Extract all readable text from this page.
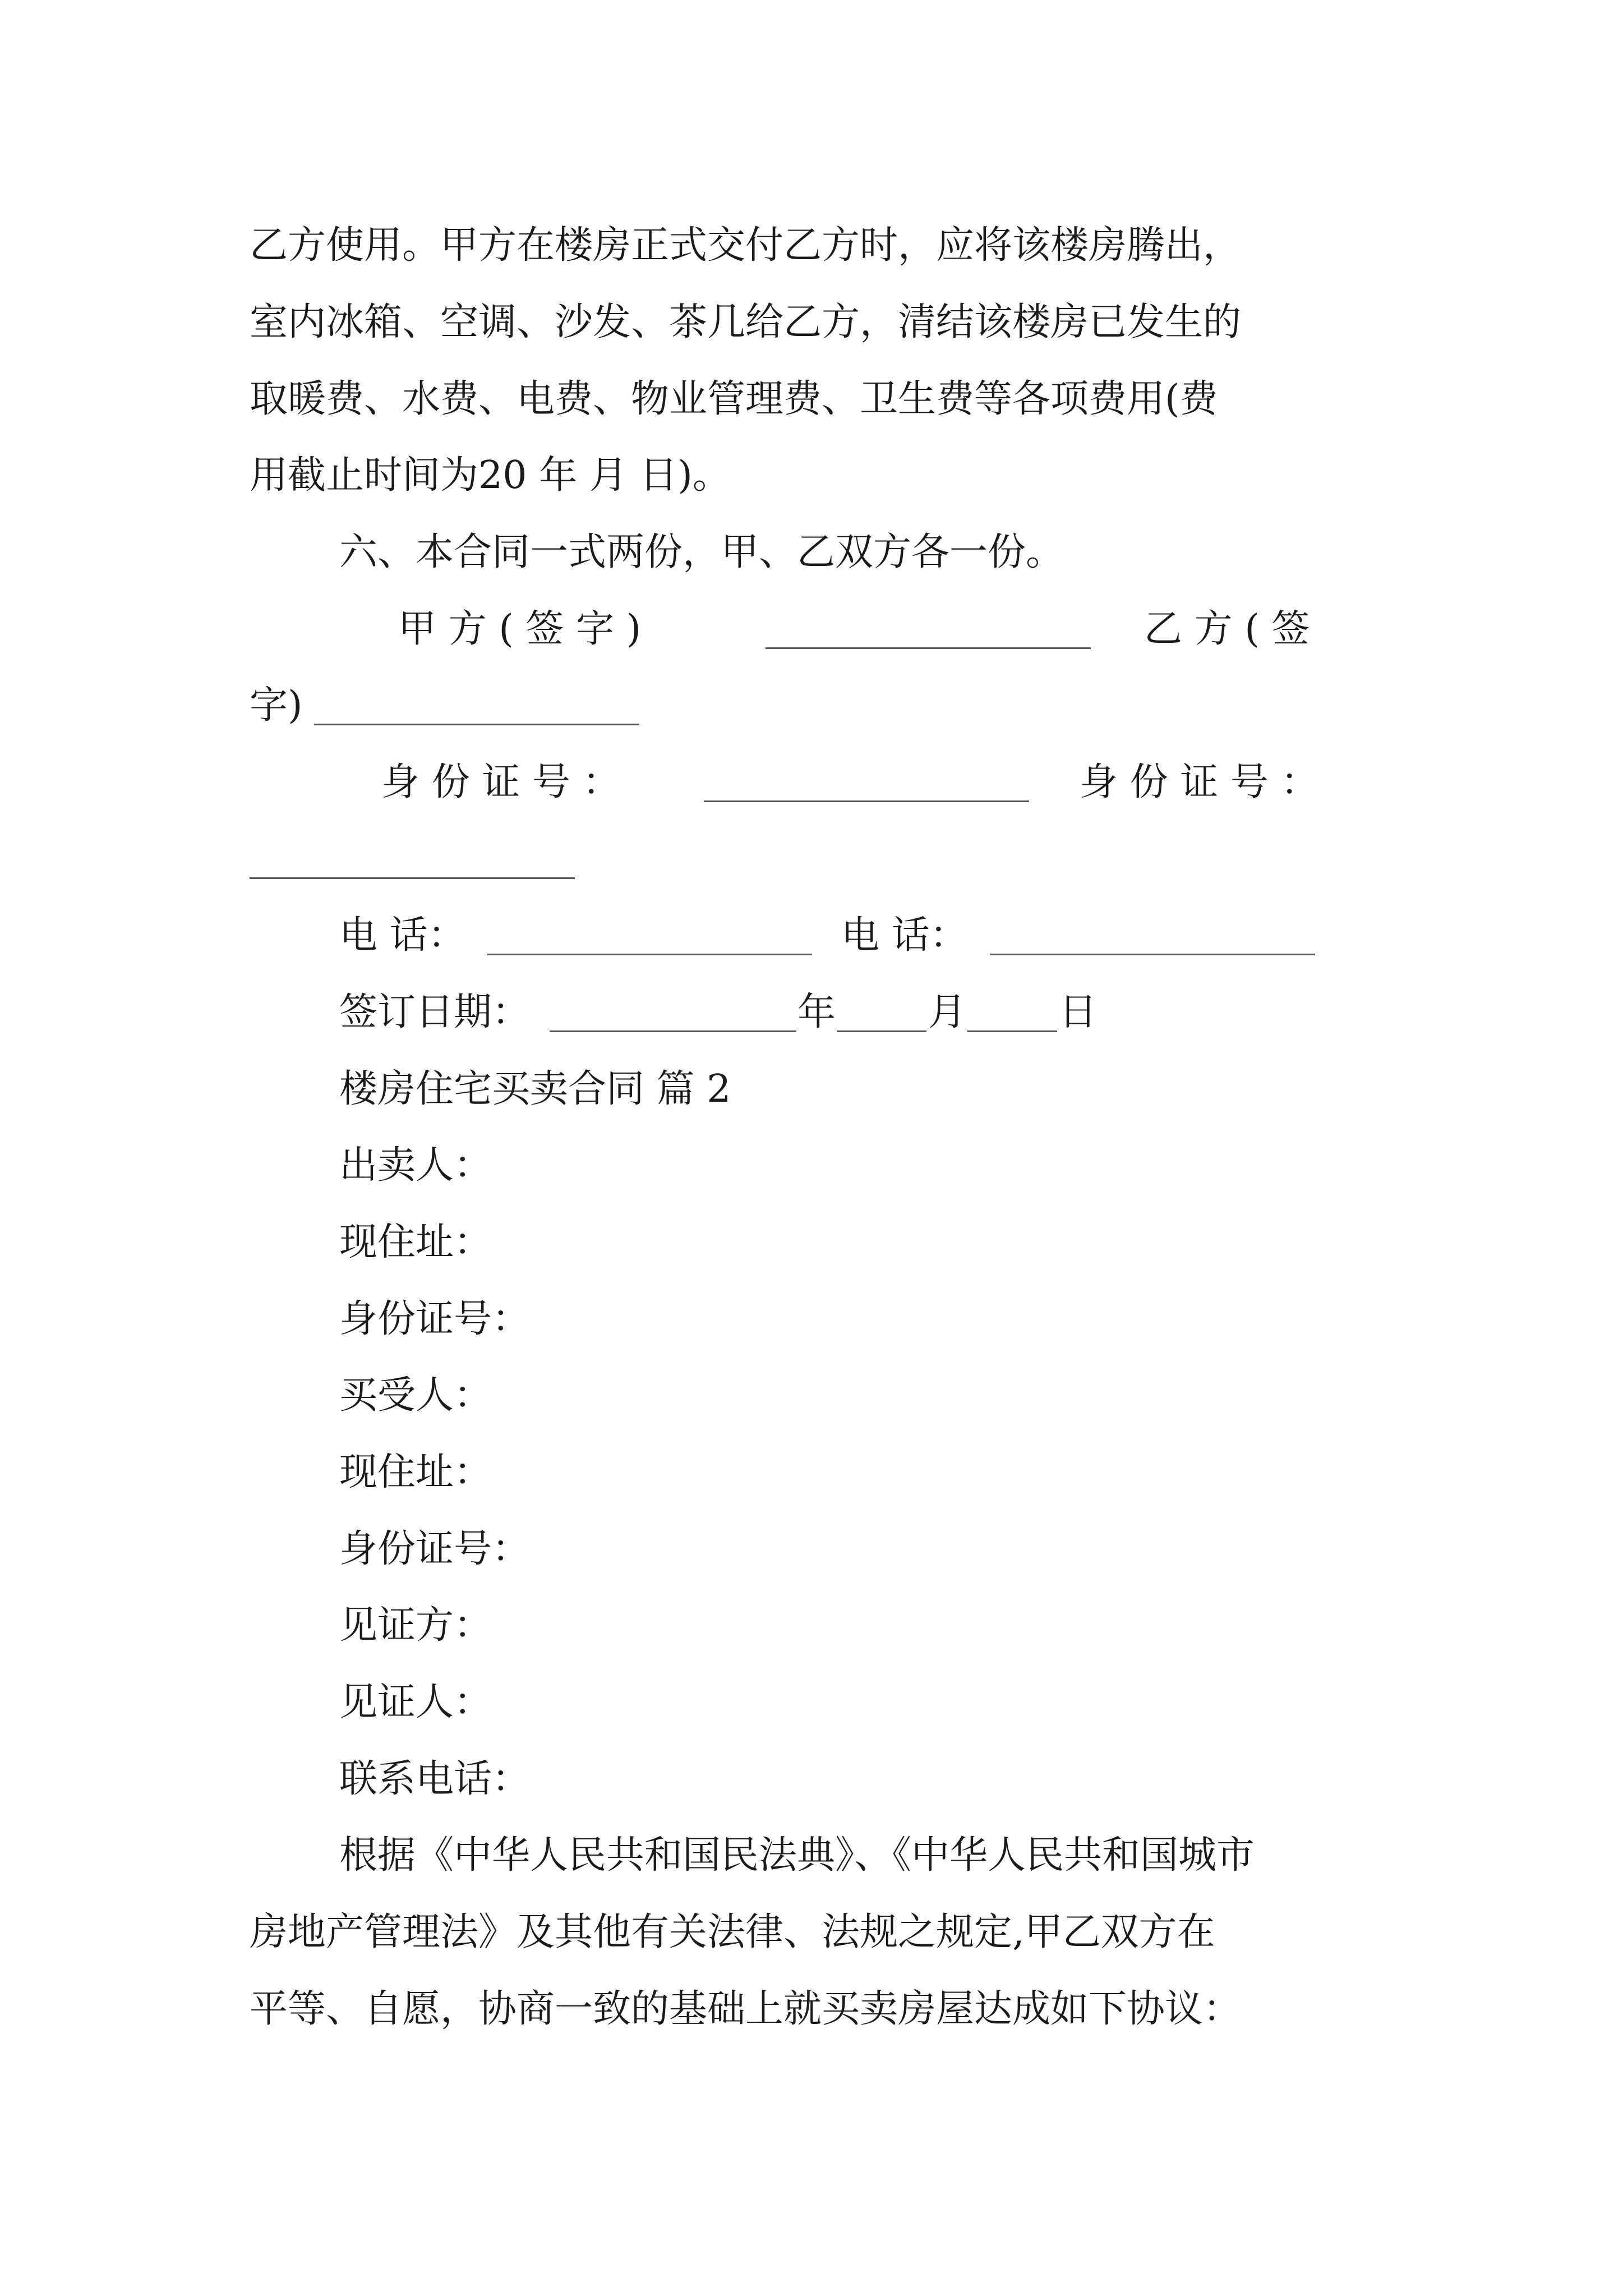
乙方使用。甲方在楼房正式交付乙方时，应将该楼房腾出，
室内冰箱、空调、沙发、茶几给乙方，清结该楼房已发生的
取暖费、水费、电费、物业管理费、卫生费等各项费用(费
用截止时间为20 年 月 日)。
六、本合同一式两份，甲、乙双方各一份。
甲 方 ( 签 字 )	乙 方 ( 签
字)
身 份 证 号 ：	身 份 证 号 ：
电 话：	电 话：
签订日期：	年 月 日
楼房住宅买卖合同 篇 2
出卖人：
现住址：
身份证号：
买受人：
现住址：
身份证号：
见证方：
见证人：
联系电话：
根据《中华人民共和国民法典》、《中华人民共和国城市
房地产管理法》及其他有关法律、法规之规定,甲乙双方在
平等、自愿，协商一致的基础上就买卖房屋达成如下协议：
